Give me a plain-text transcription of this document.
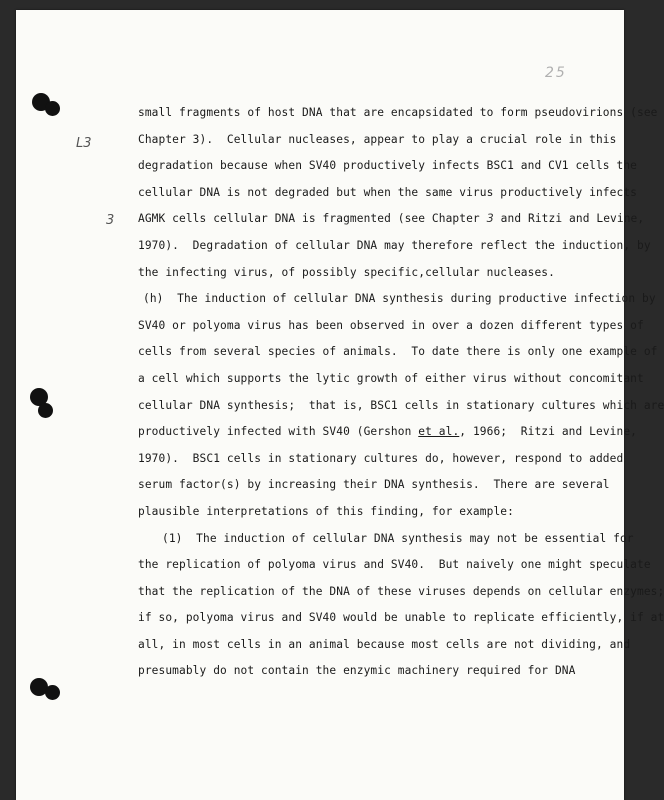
25
L3
3
small fragments of host DNA that are encapsidated to form pseudovirions (see
Chapter 3).  Cellular nucleases, appear to play a crucial role in this
degradation because when SV40 productively infects BSC1 and CV1 cells the
cellular DNA is not degraded but when the same virus productively infects
AGMK cells cellular DNA is fragmented (see Chapter 3 and Ritzi and Levine,
1970).  Degradation of cellular DNA may therefore reflect the induction, by
the infecting virus, of possibly specific,cellular nucleases.
(h)  The induction of cellular DNA synthesis during productive infection by
SV40 or polyoma virus has been observed in over a dozen different types of
cells from several species of animals.  To date there is only one example of
a cell which supports the lytic growth of either virus without concomitant
cellular DNA synthesis;  that is, BSC1 cells in stationary cultures which are
productively infected with SV40 (Gershon et al., 1966;  Ritzi and Levine,
1970).  BSC1 cells in stationary cultures do, however, respond to added
serum factor(s) by increasing their DNA synthesis.  There are several
plausible interpretations of this finding, for example:
(1)  The induction of cellular DNA synthesis may not be essential for
the replication of polyoma virus and SV40.  But naively one might speculate
that the replication of the DNA of these viruses depends on cellular enzymes;
if so, polyoma virus and SV40 would be unable to replicate efficiently, if at
all, in most cells in an animal because most cells are not dividing, and
presumably do not contain the enzymic machinery required for DNA
